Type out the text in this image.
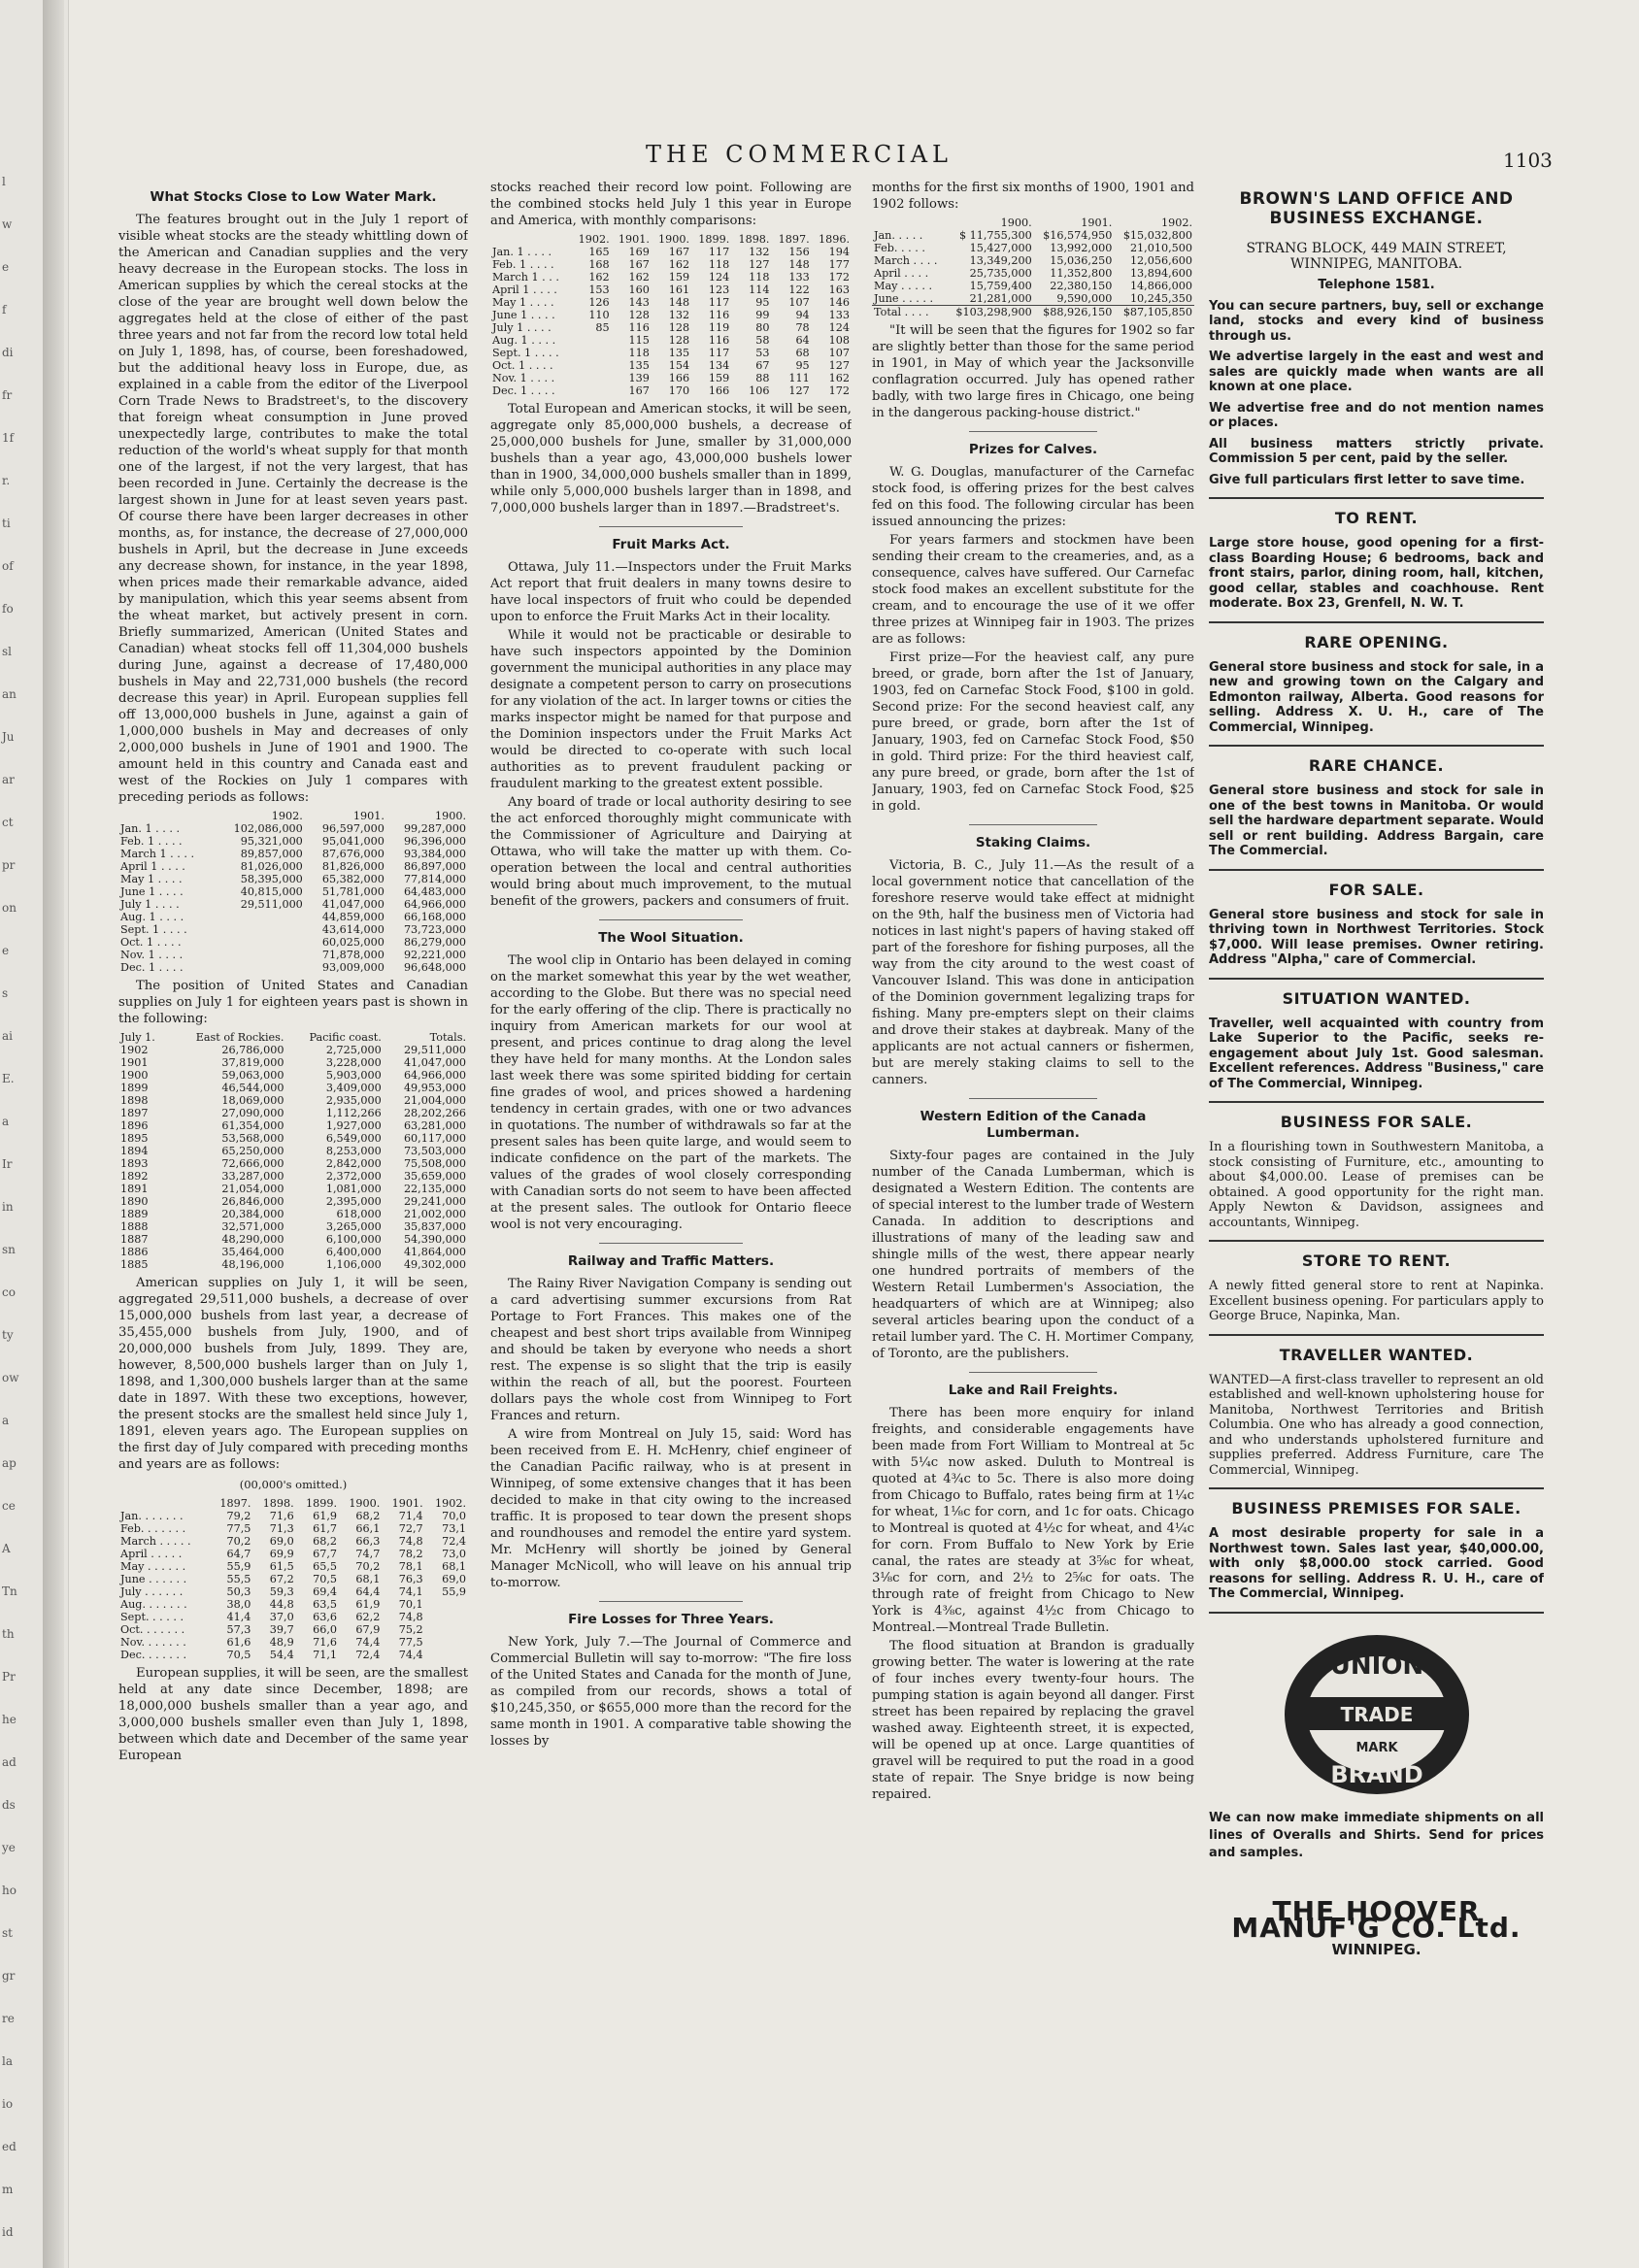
l
w
e
f
di
fr
1f
r.
ti
of
fo
sl
an
Ju
ar
ct
pr
on
e
s
ai
E.
a
Ir
in
sn
co
ty
ow
a
ap
ce
A
Tn
th
Pr
he
ad
ds
ye
ho
st
gr
re
la
io
ed
m
id
THE COMMERCIAL	1103
What Stocks Close to Low Water Mark.

The features brought out in the July 1 report of visible wheat stocks are the steady whittling down of the American and Canadian supplies and the very heavy decrease in the European stocks. The loss in American supplies by which the cereal stocks at the close of the year are brought well down below the aggregates held at the close of either of the past three years and not far from the record low total held on July 1, 1898, has, of course, been foreshadowed, but the additional heavy loss in Europe, due, as explained in a cable from the editor of the Liverpool Corn Trade News to Bradstreet's, to the discovery that foreign wheat consumption in June proved unexpectedly large, contributes to make the total reduction of the world's wheat supply for that month one of the largest, if not the very largest, that has been recorded in June. Certainly the decrease is the largest shown in June for at least seven years past. Of course there have been larger decreases in other months, as, for instance, the decrease of 27,000,000 bushels in April, but the decrease in June exceeds any decrease shown, for instance, in the year 1898, when prices made their remarkable advance, aided by manipulation, which this year seems absent from the wheat market, but actively present in corn. Briefly summarized, American (United States and Canadian) wheat stocks fell off 11,304,000 bushels during June, against a decrease of 17,480,000 bushels in May and 22,731,000 bushels (the record decrease this year) in April. European supplies fell off 13,000,000 bushels in June, against a gain of 1,000,000 bushels in May and decreases of only 2,000,000 bushels in June of 1901 and 1900. The amount held in this country and Canada east and west of the Rockies on July 1 compares with preceding periods as follows:

	1902.	1901.	1900.
Jan. 1 . . . .	102,086,000	96,597,000	99,287,000
Feb. 1 . . . .	95,321,000	95,041,000	96,396,000
March 1 . . . .	89,857,000	87,676,000	93,384,000
April 1 . . . .	81,026,000	81,826,000	86,897,000
May 1 . . . .	58,395,000	65,382,000	77,814,000
June 1 . . . .	40,815,000	51,781,000	64,483,000
July 1 . . . .	29,511,000	41,047,000	64,966,000
Aug. 1 . . . .		44,859,000	66,168,000
Sept. 1 . . . .		43,614,000	73,723,000
Oct. 1 . . . .		60,025,000	86,279,000
Nov. 1 . . . .		71,878,000	92,221,000
Dec. 1 . . . .		93,009,000	96,648,000

The position of United States and Canadian supplies on July 1 for eighteen years past is shown in the following:

July 1.	East of Rockies.	Pacific coast.	Totals.
1902	26,786,000	2,725,000	29,511,000
1901	37,819,000	3,228,000	41,047,000
1900	59,063,000	5,903,000	64,966,000
1899	46,544,000	3,409,000	49,953,000
1898	18,069,000	2,935,000	21,004,000
1897	27,090,000	1,112,266	28,202,266
1896	61,354,000	1,927,000	63,281,000
1895	53,568,000	6,549,000	60,117,000
1894	65,250,000	8,253,000	73,503,000
1893	72,666,000	2,842,000	75,508,000
1892	33,287,000	2,372,000	35,659,000
1891	21,054,000	1,081,000	22,135,000
1890	26,846,000	2,395,000	29,241,000
1889	20,384,000	618,000	21,002,000
1888	32,571,000	3,265,000	35,837,000
1887	48,290,000	6,100,000	54,390,000
1886	35,464,000	6,400,000	41,864,000
1885	48,196,000	1,106,000	49,302,000

American supplies on July 1, it will be seen, aggregated 29,511,000 bushels, a decrease of over 15,000,000 bushels from last year, a decrease of 35,455,000 bushels from July, 1900, and of 20,000,000 bushels from July, 1899. They are, however, 8,500,000 bushels larger than on July 1, 1898, and 1,300,000 bushels larger than at the same date in 1897. With these two exceptions, however, the present stocks are the smallest held since July 1, 1891, eleven years ago. The European supplies on the first day of July compared with preceding months and years are as follows:

(00,000's omitted.)
	1897.	1898.	1899.	1900.	1901.	1902.
Jan. . . . . . .	79,2	71,6	61,9	68,2	71,4	70,0
Feb. . . . . . .	77,5	71,3	61,7	66,1	72,7	73,1
March . . . . .	70,2	69,0	68,2	66,3	74,8	72,4
April . . . . .	64,7	69,9	67,7	74,7	78,2	73,0
May . . . . . .	55,9	61,5	65,5	70,2	78,1	68,1
June . . . . . .	55,5	67,2	70,5	68,1	76,3	69,0
July . . . . . .	50,3	59,3	69,4	64,4	74,1	55,9
Aug. . . . . . .	38,0	44,8	63,5	61,9	70,1	
Sept. . . . . .	41,4	37,0	63,6	62,2	74,8	
Oct. . . . . . .	57,3	39,7	66,0	67,9	75,2	
Nov. . . . . . .	61,6	48,9	71,6	74,4	77,5	
Dec. . . . . . .	70,5	54,4	71,1	72,4	74,4	

European supplies, it will be seen, are the smallest held at any date since December, 1898; are 18,000,000 bushels smaller than a year ago, and 3,000,000 bushels smaller even than July 1, 1898, between which date and December of the same year European

stocks reached their record low point. Following are the combined stocks held July 1 this year in Europe and America, with monthly comparisons:

	1902.	1901.	1900.	1899.	1898.	1897.	1896.
Jan. 1 . . . .	165	169	167	117	132	156	194
Feb. 1 . . . .	168	167	162	118	127	148	177
March 1 . . .	162	162	159	124	118	133	172
April 1 . . . .	153	160	161	123	114	122	163
May 1 . . . .	126	143	148	117	95	107	146
June 1 . . . .	110	128	132	116	99	94	133
July 1 . . . .	85	116	128	119	80	78	124
Aug. 1 . . . .		115	128	116	58	64	108
Sept. 1 . . . .		118	135	117	53	68	107
Oct. 1 . . . .		135	154	134	67	95	127
Nov. 1 . . . .		139	166	159	88	111	162
Dec. 1 . . . .		167	170	166	106	127	172

Total European and American stocks, it will be seen, aggregate only 85,000,000 bushels, a decrease of 25,000,000 bushels for June, smaller by 31,000,000 bushels than a year ago, 43,000,000 bushels lower than in 1900, 34,000,000 bushels smaller than in 1899, while only 5,000,000 bushels larger than in 1898, and 7,000,000 bushels larger than in 1897.—Bradstreet's.

Fruit Marks Act.

Ottawa, July 11.—Inspectors under the Fruit Marks Act report that fruit dealers in many towns desire to have local inspectors of fruit who could be depended upon to enforce the Fruit Marks Act in their locality.

While it would not be practicable or desirable to have such inspectors appointed by the Dominion government the municipal authorities in any place may designate a competent person to carry on prosecutions for any violation of the act. In larger towns or cities the marks inspector might be named for that purpose and the Dominion inspectors under the Fruit Marks Act would be directed to co-operate with such local authorities as to prevent fraudulent packing or fraudulent marking to the greatest extent possible.

Any board of trade or local authority desiring to see the act enforced thoroughly might communicate with the Commissioner of Agriculture and Dairying at Ottawa, who will take the matter up with them. Co-operation between the local and central authorities would bring about much improvement, to the mutual benefit of the growers, packers and consumers of fruit.

The Wool Situation.

The wool clip in Ontario has been delayed in coming on the market somewhat this year by the wet weather, according to the Globe. But there was no special need for the early offering of the clip. There is practically no inquiry from American markets for our wool at present, and prices continue to drag along the level they have held for many months. At the London sales last week there was some spirited bidding for certain fine grades of wool, and prices showed a hardening tendency in certain grades, with one or two advances in quotations. The number of withdrawals so far at the present sales has been quite large, and would seem to indicate confidence on the part of the markets. The values of the grades of wool closely corresponding with Canadian sorts do not seem to have been affected at the present sales. The outlook for Ontario fleece wool is not very encouraging.

Railway and Traffic Matters.

The Rainy River Navigation Company is sending out a card advertising summer excursions from Rat Portage to Fort Frances. This makes one of the cheapest and best short trips available from Winnipeg and should be taken by everyone who needs a short rest. The expense is so slight that the trip is easily within the reach of all, but the poorest. Fourteen dollars pays the whole cost from Winnipeg to Fort Frances and return.

A wire from Montreal on July 15, said: Word has been received from E. H. McHenry, chief engineer of the Canadian Pacific railway, who is at present in Winnipeg, of some extensive changes that it has been decided to make in that city owing to the increased traffic. It is proposed to tear down the present shops and roundhouses and remodel the entire yard system. Mr. McHenry will shortly be joined by General Manager McNicoll, who will leave on his annual trip to-morrow.

Fire Losses for Three Years.

New York, July 7.—The Journal of Commerce and Commercial Bulletin will say to-morrow: "The fire loss of the United States and Canada for the month of June, as compiled from our records, shows a total of $10,245,350, or $655,000 more than the record for the same month in 1901. A comparative table showing the losses by

months for the first six months of 1900, 1901 and 1902 follows:

	1900.	1901.	1902.
Jan. . . . .	$ 11,755,300	$16,574,950	$15,032,800
Feb. . . . .	15,427,000	13,992,000	21,010,500
March . . . .	13,349,200	15,036,250	12,056,600
April . . . .	25,735,000	11,352,800	13,894,600
May . . . . .	15,759,400	22,380,150	14,866,000
June . . . . .	21,281,000	9,590,000	10,245,350
Total . . . .	$103,298,900	$88,926,150	$87,105,850

"It will be seen that the figures for 1902 so far are slightly better than those for the same period in 1901, in May of which year the Jacksonville conflagration occurred. July has opened rather badly, with two large fires in Chicago, one being in the dangerous packing-house district."

Prizes for Calves.

W. G. Douglas, manufacturer of the Carnefac stock food, is offering prizes for the best calves fed on this food. The following circular has been issued announcing the prizes:

For years farmers and stockmen have been sending their cream to the creameries, and, as a consequence, calves have suffered. Our Carnefac stock food makes an excellent substitute for the cream, and to encourage the use of it we offer three prizes at Winnipeg fair in 1903. The prizes are as follows:

First prize—For the heaviest calf, any pure breed, or grade, born after the 1st of January, 1903, fed on Carnefac Stock Food, $100 in gold. Second prize: For the second heaviest calf, any pure breed, or grade, born after the 1st of January, 1903, fed on Carnefac Stock Food, $50 in gold. Third prize: For the third heaviest calf, any pure breed, or grade, born after the 1st of January, 1903, fed on Carnefac Stock Food, $25 in gold.

Staking Claims.

Victoria, B. C., July 11.—As the result of a local government notice that cancellation of the foreshore reserve would take effect at midnight on the 9th, half the business men of Victoria had notices in last night's papers of having staked off part of the foreshore for fishing purposes, all the way from the city around to the west coast of Vancouver Island. This was done in anticipation of the Dominion government legalizing traps for fishing. Many pre-empters slept on their claims and drove their stakes at daybreak. Many of the applicants are not actual canners or fishermen, but are merely staking claims to sell to the canners.

Western Edition of the Canada Lumberman.

Sixty-four pages are contained in the July number of the Canada Lumberman, which is designated a Western Edition. The contents are of special interest to the lumber trade of Western Canada. In addition to descriptions and illustrations of many of the leading saw and shingle mills of the west, there appear nearly one hundred portraits of members of the Western Retail Lumbermen's Association, the headquarters of which are at Winnipeg; also several articles bearing upon the conduct of a retail lumber yard. The C. H. Mortimer Company, of Toronto, are the publishers.

Lake and Rail Freights.

There has been more enquiry for inland freights, and considerable engagements have been made from Fort William to Montreal at 5c with 5¼c now asked. Duluth to Montreal is quoted at 4¾c to 5c. There is also more doing from Chicago to Buffalo, rates being firm at 1¼c for wheat, 1⅛c for corn, and 1c for oats. Chicago to Montreal is quoted at 4½c for wheat, and 4¼c for corn. From Buffalo to New York by Erie canal, the rates are steady at 3⅝c for wheat, 3⅛c for corn, and 2½ to 2⅝c for oats. The through rate of freight from Chicago to New York is 4⅜c, against 4½c from Chicago to Montreal.—Montreal Trade Bulletin.

The flood situation at Brandon is gradually growing better. The water is lowering at the rate of four inches every twenty-four hours. The pumping station is again beyond all danger. First street has been repaired by replacing the gravel washed away. Eighteenth street, it is expected, will be opened up at once. Large quantities of gravel will be required to put the road in a good state of repair. The Snye bridge is now being repaired.

BROWN'S LAND OFFICE AND BUSINESS EXCHANGE.

STRANG BLOCK, 449 MAIN STREET, WINNIPEG, MANITOBA.

Telephone 1581.

You can secure partners, buy, sell or exchange land, stocks and every kind of business through us.

We advertise largely in the east and west and sales are quickly made when wants are all known at one place.

We advertise free and do not mention names or places.

All business matters strictly private. Commission 5 per cent, paid by the seller.

Give full particulars first letter to save time.

TO RENT.

Large store house, good opening for a first-class Boarding House; 6 bedrooms, back and front stairs, parlor, dining room, hall, kitchen, good cellar, stables and coachhouse. Rent moderate. Box 23, Grenfell, N. W. T.

RARE OPENING.

General store business and stock for sale, in a new and growing town on the Calgary and Edmonton railway, Alberta. Good reasons for selling. Address X. U. H., care of The Commercial, Winnipeg.

RARE CHANCE.

General store business and stock for sale in one of the best towns in Manitoba. Or would sell the hardware department separate. Would sell or rent building. Address Bargain, care The Commercial.

FOR SALE.

General store business and stock for sale in thriving town in Northwest Territories. Stock $7,000. Will lease premises. Owner retiring. Address "Alpha," care of Commercial.

SITUATION WANTED.

Traveller, well acquainted with country from Lake Superior to the Pacific, seeks re-engagement about July 1st. Good salesman. Excellent references. Address "Business," care of The Commercial, Winnipeg.

BUSINESS FOR SALE.

In a flourishing town in Southwestern Manitoba, a stock consisting of Furniture, etc., amounting to about $4,000.00. Lease of premises can be obtained. A good opportunity for the right man. Apply Newton & Davidson, assignees and accountants, Winnipeg.

STORE TO RENT.

A newly fitted general store to rent at Napinka. Excellent business opening. For particulars apply to George Bruce, Napinka, Man.

TRAVELLER WANTED.

WANTED—A first-class traveller to represent an old established and well-known upholstering house for Manitoba, Northwest Territories and British Columbia. One who has already a good connection, and who understands upholstered furniture and supplies preferred. Address Furniture, care The Commercial, Winnipeg.

BUSINESS PREMISES FOR SALE.

A most desirable property for sale in a Northwest town. Sales last year, $40,000.00, with only $8,000.00 stock carried. Good reasons for selling. Address R. U. H., care of The Commercial, Winnipeg.

UNION
TRADE
MARK
BRAND
We can now make immediate shipments on all lines of Overalls and Shirts. Send for prices and samples.
THE HOOVER MANUF'G CO. Ltd.
WINNIPEG.
